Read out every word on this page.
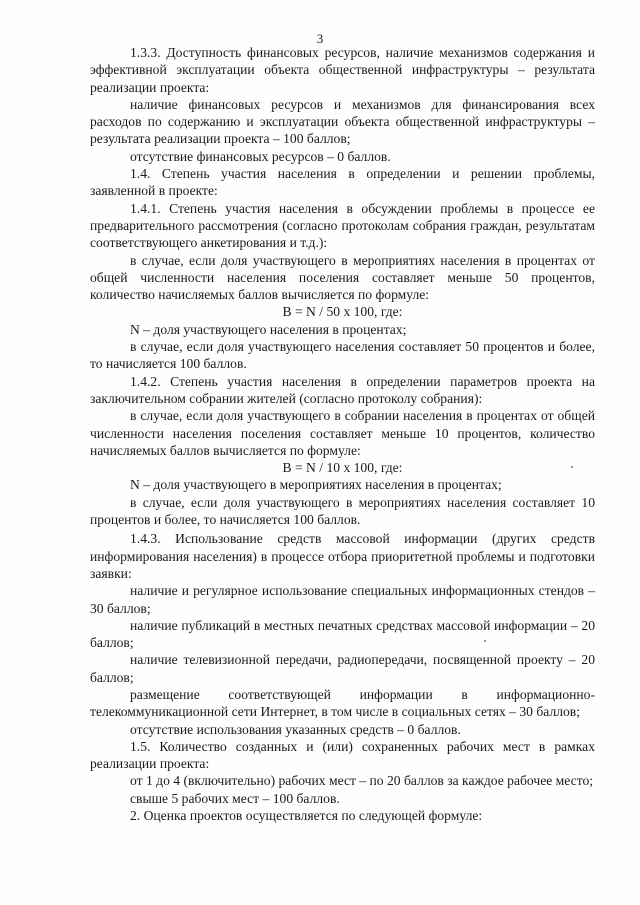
3

1.3.3. Доступность финансовых ресурсов, наличие механизмов содержания и эффективной эксплуатации объекта общественной инфраструктуры – результата реализации проекта:

наличие финансовых ресурсов и механизмов для финансирования всех расходов по содержанию и эксплуатации объекта общественной инфраструктуры – результата реализации проекта – 100 баллов;

отсутствие финансовых ресурсов – 0 баллов.

1.4. Степень участия населения в определении и решении проблемы, заявленной в проекте:

1.4.1. Степень участия населения в обсуждении проблемы в процессе ее предварительного рассмотрения (согласно протоколам собрания граждан, результатам соответствующего анкетирования и т.д.):

в случае, если доля участвующего в мероприятиях населения в процентах от общей численности населения поселения составляет меньше 50 процентов, количество начисляемых баллов вычисляется по формуле:

B = N / 50 x 100, где:

N – доля участвующего населения в процентах;

в случае, если доля участвующего населения составляет 50 процентов и более, то начисляется 100 баллов.

1.4.2. Степень участия населения в определении параметров проекта на заключительном собрании жителей (согласно протоколу собрания):

в случае, если доля участвующего в собрании населения в процентах от общей численности населения поселения составляет меньше 10 процентов, количество начисляемых баллов вычисляется по формуле:

B = N / 10 x 100, где:

N – доля участвующего в мероприятиях населения в процентах;

в случае, если доля участвующего в мероприятиях населения составляет 10 процентов и более, то начисляется 100 баллов.

1.4.3. Использование средств массовой информации (других средств информирования населения) в процессе отбора приоритетной проблемы и подготовки заявки:

наличие и регулярное использование специальных информационных стендов – 30 баллов;

наличие публикаций в местных печатных средствах массовой информации – 20 баллов;

наличие телевизионной передачи, радиопередачи, посвященной проекту – 20 баллов;

размещение соответствующей информации в информационно-телекоммуникационной сети Интернет, в том числе в социальных сетях – 30 баллов;

отсутствие использования указанных средств – 0 баллов.

1.5. Количество созданных и (или) сохраненных рабочих мест в рамках реализации проекта:

от 1 до 4 (включительно) рабочих мест – по 20 баллов за каждое рабочее место;

свыше 5 рабочих мест – 100 баллов.

2. Оценка проектов осуществляется по следующей формуле:
